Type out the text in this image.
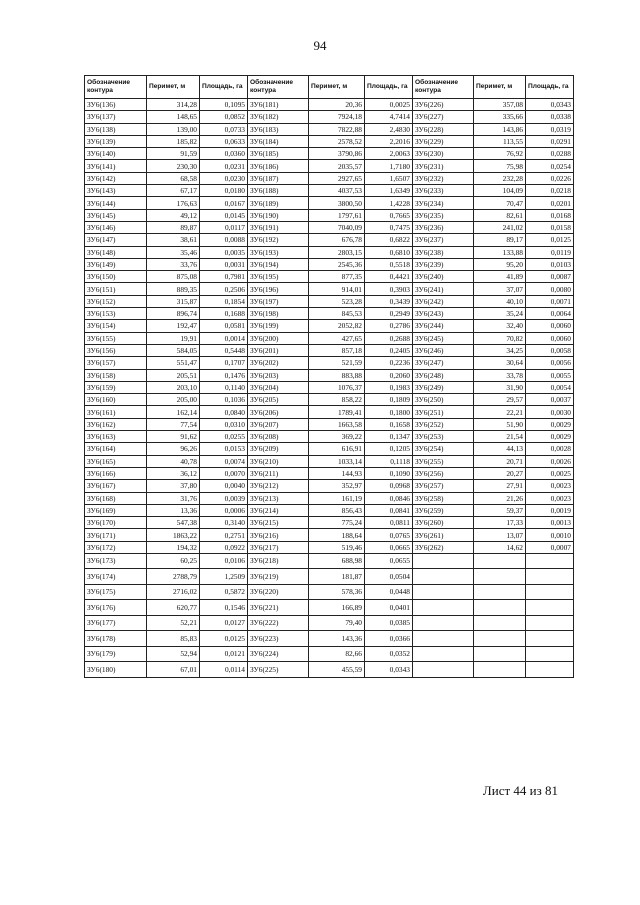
94
Обозначение контура	Перимет, м	Площадь, га	Обозначение контура	Перимет, м	Площадь, га	Обозначение контура	Перимет, м	Площадь, га
ЗУ6(136)	314,28	0,1095	ЗУ6(181)	20,36	0,0025	ЗУ6(226)	357,08	0,0343
ЗУ6(137)	148,65	0,0852	ЗУ6(182)	7924,18	4,7414	ЗУ6(227)	335,66	0,0338
ЗУ6(138)	139,00	0,0733	ЗУ6(183)	7822,88	2,4830	ЗУ6(228)	143,86	0,0319
ЗУ6(139)	185,82	0,0633	ЗУ6(184)	2578,52	2,2016	ЗУ6(229)	113,55	0,0291
ЗУ6(140)	91,59	0,0360	ЗУ6(185)	3790,86	2,0063	ЗУ6(230)	76,92	0,0288
ЗУ6(141)	230,30	0,0231	ЗУ6(186)	2035,57	1,7180	ЗУ6(231)	75,98	0,0254
ЗУ6(142)	68,58	0,0230	ЗУ6(187)	2927,65	1,6507	ЗУ6(232)	232,28	0,0226
ЗУ6(143)	67,17	0,0180	ЗУ6(188)	4037,53	1,6349	ЗУ6(233)	104,09	0,0218
ЗУ6(144)	176,63	0,0167	ЗУ6(189)	3800,50	1,4228	ЗУ6(234)	70,47	0,0201
ЗУ6(145)	49,12	0,0145	ЗУ6(190)	1797,61	0,7665	ЗУ6(235)	82,61	0,0168
ЗУ6(146)	89,87	0,0117	ЗУ6(191)	7040,09	0,7475	ЗУ6(236)	241,02	0,0158
ЗУ6(147)	38,61	0,0088	ЗУ6(192)	676,78	0,6822	ЗУ6(237)	89,17	0,0125
ЗУ6(148)	35,46	0,0035	ЗУ6(193)	2803,15	0,6810	ЗУ6(238)	133,88	0,0119
ЗУ6(149)	33,76	0,0031	ЗУ6(194)	2545,36	0,5518	ЗУ6(239)	95,20	0,0103
ЗУ6(150)	875,08	0,7981	ЗУ6(195)	877,35	0,4421	ЗУ6(240)	41,89	0,0087
ЗУ6(151)	889,35	0,2506	ЗУ6(196)	914,01	0,3903	ЗУ6(241)	37,07	0,0080
ЗУ6(152)	315,87	0,1854	ЗУ6(197)	523,28	0,3439	ЗУ6(242)	40,10	0,0071
ЗУ6(153)	896,74	0,1688	ЗУ6(198)	845,53	0,2949	ЗУ6(243)	35,24	0,0064
ЗУ6(154)	192,47	0,0581	ЗУ6(199)	2052,82	0,2786	ЗУ6(244)	32,40	0,0060
ЗУ6(155)	19,91	0,0014	ЗУ6(200)	427,65	0,2688	ЗУ6(245)	70,82	0,0060
ЗУ6(156)	584,05	0,5448	ЗУ6(201)	857,18	0,2405	ЗУ6(246)	34,25	0,0058
ЗУ6(157)	551,47	0,1707	ЗУ6(202)	521,59	0,2236	ЗУ6(247)	30,64	0,0056
ЗУ6(158)	205,51	0,1476	ЗУ6(203)	883,88	0,2060	ЗУ6(248)	33,78	0,0055
ЗУ6(159)	203,10	0,1140	ЗУ6(204)	1076,37	0,1983	ЗУ6(249)	31,90	0,0054
ЗУ6(160)	205,00	0,1036	ЗУ6(205)	858,22	0,1809	ЗУ6(250)	29,57	0,0037
ЗУ6(161)	162,14	0,0840	ЗУ6(206)	1789,41	0,1800	ЗУ6(251)	22,21	0,0030
ЗУ6(162)	77,54	0,0310	ЗУ6(207)	1663,58	0,1658	ЗУ6(252)	51,90	0,0029
ЗУ6(163)	91,62	0,0255	ЗУ6(208)	369,22	0,1347	ЗУ6(253)	21,54	0,0029
ЗУ6(164)	96,26	0,0153	ЗУ6(209)	616,91	0,1205	ЗУ6(254)	44,13	0,0028
ЗУ6(165)	40,78	0,0074	ЗУ6(210)	1033,14	0,1118	ЗУ6(255)	20,71	0,0026
ЗУ6(166)	36,12	0,0070	ЗУ6(211)	144,93	0,1090	ЗУ6(256)	20,27	0,0025
ЗУ6(167)	37,80	0,0040	ЗУ6(212)	352,97	0,0968	ЗУ6(257)	27,91	0,0023
ЗУ6(168)	31,76	0,0039	ЗУ6(213)	161,19	0,0846	ЗУ6(258)	21,26	0,0023
ЗУ6(169)	13,36	0,0006	ЗУ6(214)	856,43	0,0841	ЗУ6(259)	59,37	0,0019
ЗУ6(170)	547,38	0,3140	ЗУ6(215)	775,24	0,0811	ЗУ6(260)	17,33	0,0013
ЗУ6(171)	1863,22	0,2751	ЗУ6(216)	188,64	0,0765	ЗУ6(261)	13,07	0,0010
ЗУ6(172)	194,32	0,0922	ЗУ6(217)	519,46	0,0665	ЗУ6(262)	14,62	0,0007
ЗУ6(173)	60,25	0,0106	ЗУ6(218)	688,98	0,0655			
ЗУ6(174)	2788,79	1,2509	ЗУ6(219)	181,87	0,0504			
ЗУ6(175)	2716,02	0,5872	ЗУ6(220)	578,36	0,0448			
ЗУ6(176)	620,77	0,1546	ЗУ6(221)	166,89	0,0401			
ЗУ6(177)	52,21	0,0127	ЗУ6(222)	79,40	0,0385			
ЗУ6(178)	85,83	0,0125	ЗУ6(223)	143,36	0,0366			
ЗУ6(179)	52,94	0,0121	ЗУ6(224)	82,66	0,0352			
ЗУ6(180)	67,01	0,0114	ЗУ6(225)	455,59	0,0343			
Лист 44 из 81
